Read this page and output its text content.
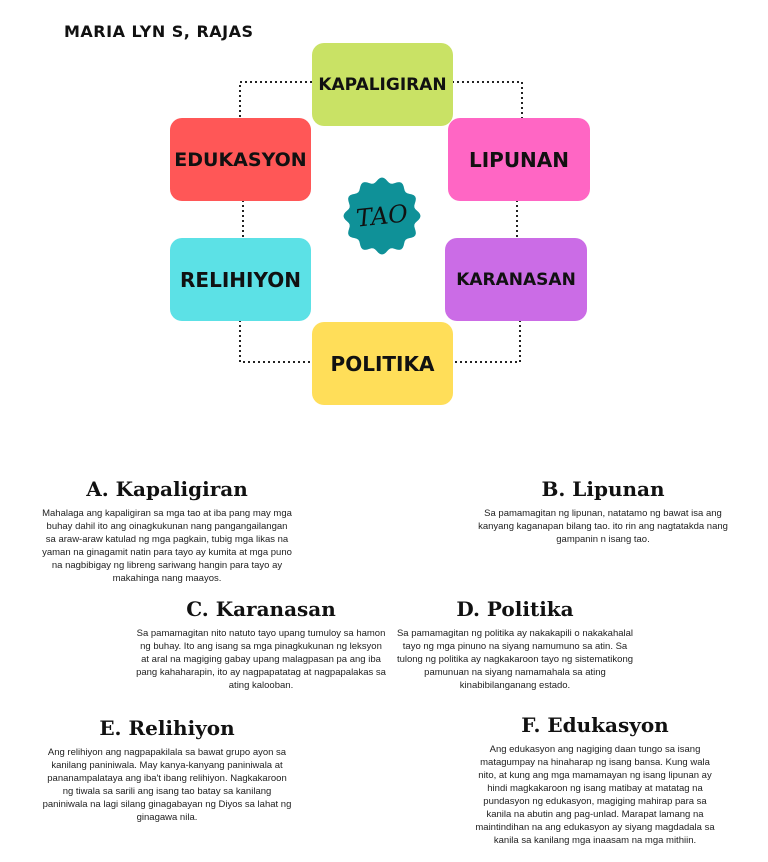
MARIA LYN S, RAJAS
KAPALIGIRAN
LIPUNAN
KARANASAN
POLITIKA
RELIHIYON
EDUKASYON
TAO
A. Kapaligiran

Mahalaga ang kapaligiran sa mga tao at iba pang may mga buhay dahil ito ang oinagkukunan nang pangangailangan sa araw-araw katulad ng mga pagkain, tubig mga likas na yaman na ginagamit natin para tayo ay kumita at mga puno na nagbibigay ng libreng sariwang hangin para tayo ay makahinga nang maayos.

B. Lipunan

Sa pamamagitan ng lipunan, natatamo ng bawat isa ang kanyang kaganapan bilang tao. ito rin ang nagtatakda nang gampanin n isang tao.

C. Karanasan

Sa pamamagitan nito natuto tayo upang tumuloy sa hamon ng buhay. Ito ang isang sa mga pinagkukunan ng leksyon at aral na magiging gabay upang malagpasan pa ang iba pang kahaharapin, ito ay nagpapatatag at nagpapalakas sa ating kalooban.

D. Politika

Sa pamamagitan ng politika ay nakakapili o nakakahalal tayo ng mga pinuno na siyang namumuno sa atin. Sa tulong ng politika ay nagkakaroon tayo ng sistematikong pamunuan na siyang namamahala sa ating kinabibilanganang estado.

E. Relihiyon

Ang relihiyon ang nagpapakilala sa bawat grupo ayon sa kanilang paniniwala. May kanya-kanyang paniniwala at pananampalataya ang iba't ibang relihiyon. Nagkakaroon ng tiwala sa sarili ang isang tao batay sa kanilang paniniwala na lagi silang ginagabayan ng Diyos sa lahat ng ginagawa nila.

F. Edukasyon

Ang edukasyon ang nagiging daan tungo sa isang matagumpay na hinaharap ng isang bansa. Kung wala nito, at kung ang mga mamamayan ng isang lipunan ay hindi magkakaroon ng isang matibay at matatag na pundasyon ng edukasyon, magiging mahirap para sa kanila na abutin ang pag-unlad. Marapat lamang na maintindihan na ang edukasyon ay siyang magdadala sa kanila sa kanilang mga inaasam na mga mithiin.
